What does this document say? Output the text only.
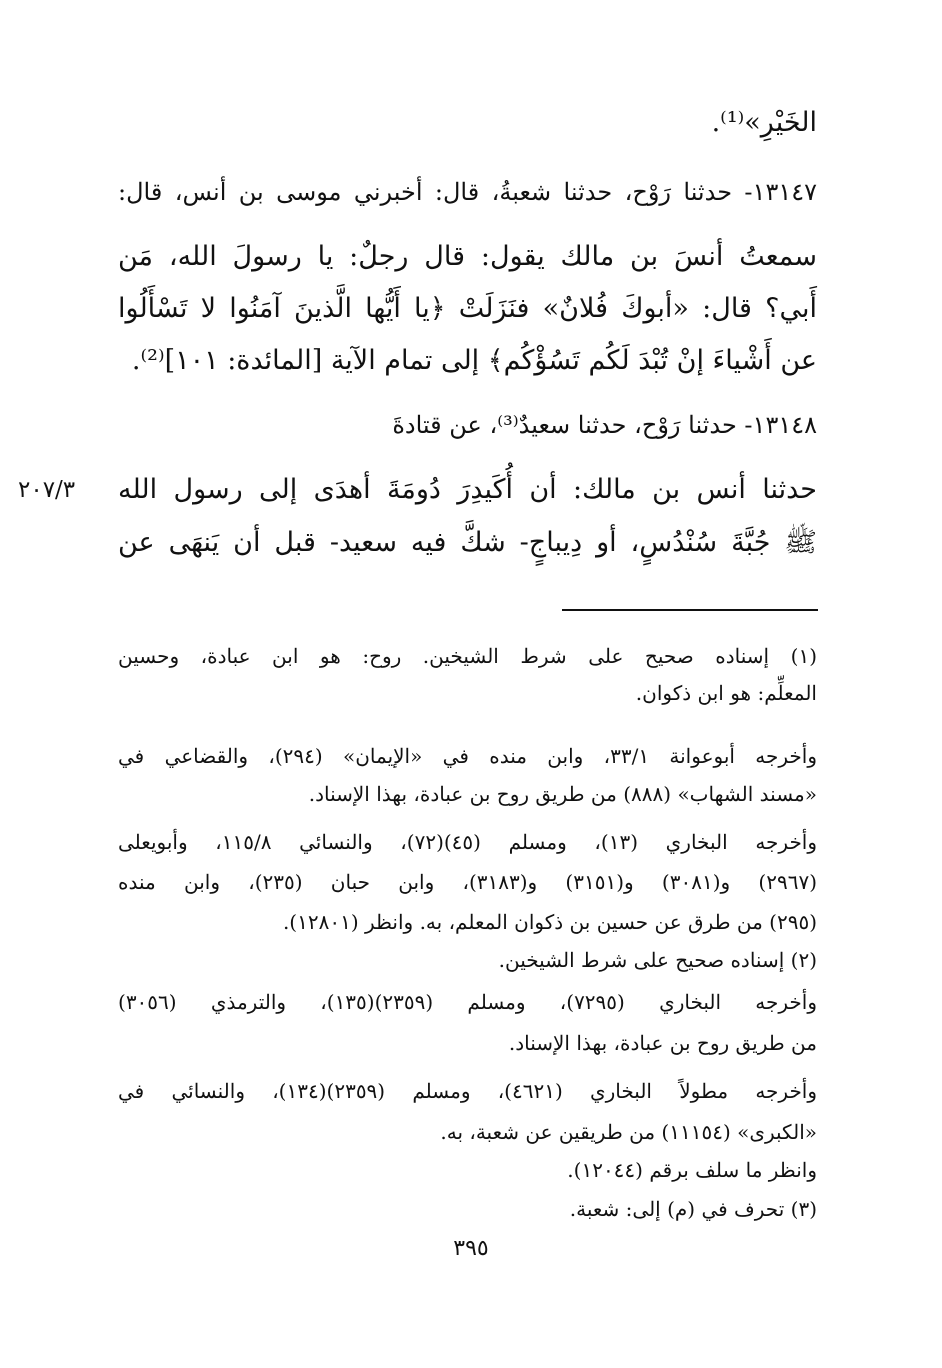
٢٠٧/٣
الخَيْرِ»⁽¹⁾.
١٣١٤٧- حدثنا رَوْح، حدثنا شعبةُ، قال: أخبرني موسى بن أنس، قال:
سمعتُ أنسَ بن مالك يقول: قال رجلٌ: يا رسولَ الله، مَن
أَبي؟ قال: «أبوكَ فُلانٌ» فنَزَلَتْ ﴿يا أَيُّها الَّذينَ آمَنُوا لا تَسْأَلُوا
عن أَشْياءَ إنْ تُبْدَ لَكُم تَسُؤْكُم﴾ إلى تمام الآية [المائدة: ١٠١]⁽²⁾.
١٣١٤٨- حدثنا رَوْح، حدثنا سعيدٌ⁽³⁾، عن قتادةَ
حدثنا أنس بن مالك: أن أُكَيدِرَ دُومَةَ أهدَى إلى رسول الله
ﷺ جُبَّةَ سُنْدُسٍ، أو دِيباجٍ- شكَّ فيه سعيد- قبل أن يَنهَى عن
(١) إسناده صحيح على شرط الشيخين. روح: هو ابن عبادة، وحسين
المعلِّم: هو ابن ذكوان.
وأخرجه أبوعوانة ٣٣/١، وابن منده في «الإيمان» (٢٩٤)، والقضاعي في
«مسند الشهاب» (٨٨٨) من طريق روح بن عبادة، بهذا الإسناد.
وأخرجه البخاري (١٣)، ومسلم (٤٥)(٧٢)، والنسائي ١١٥/٨، وأبويعلى
(٢٩٦٧) و(٣٠٨١) و(٣١٥١) و(٣١٨٣)، وابن حبان (٢٣٥)، وابن منده
(٢٩٥) من طرق عن حسين بن ذكوان المعلم، به. وانظر (١٢٨٠١).
(٢) إسناده صحيح على شرط الشيخين.
وأخرجه البخاري (٧٢٩٥)، ومسلم (٢٣٥٩)(١٣٥)، والترمذي (٣٠٥٦)
من طريق روح بن عبادة، بهذا الإسناد.
وأخرجه مطولاً البخاري (٤٦٢١)، ومسلم (٢٣٥٩)(١٣٤)، والنسائي في
«الكبرى» (١١١٥٤) من طريقين عن شعبة، به.
وانظر ما سلف برقم (١٢٠٤٤).
(٣) تحرف في (م) إلى: شعبة.
٣٩٥
